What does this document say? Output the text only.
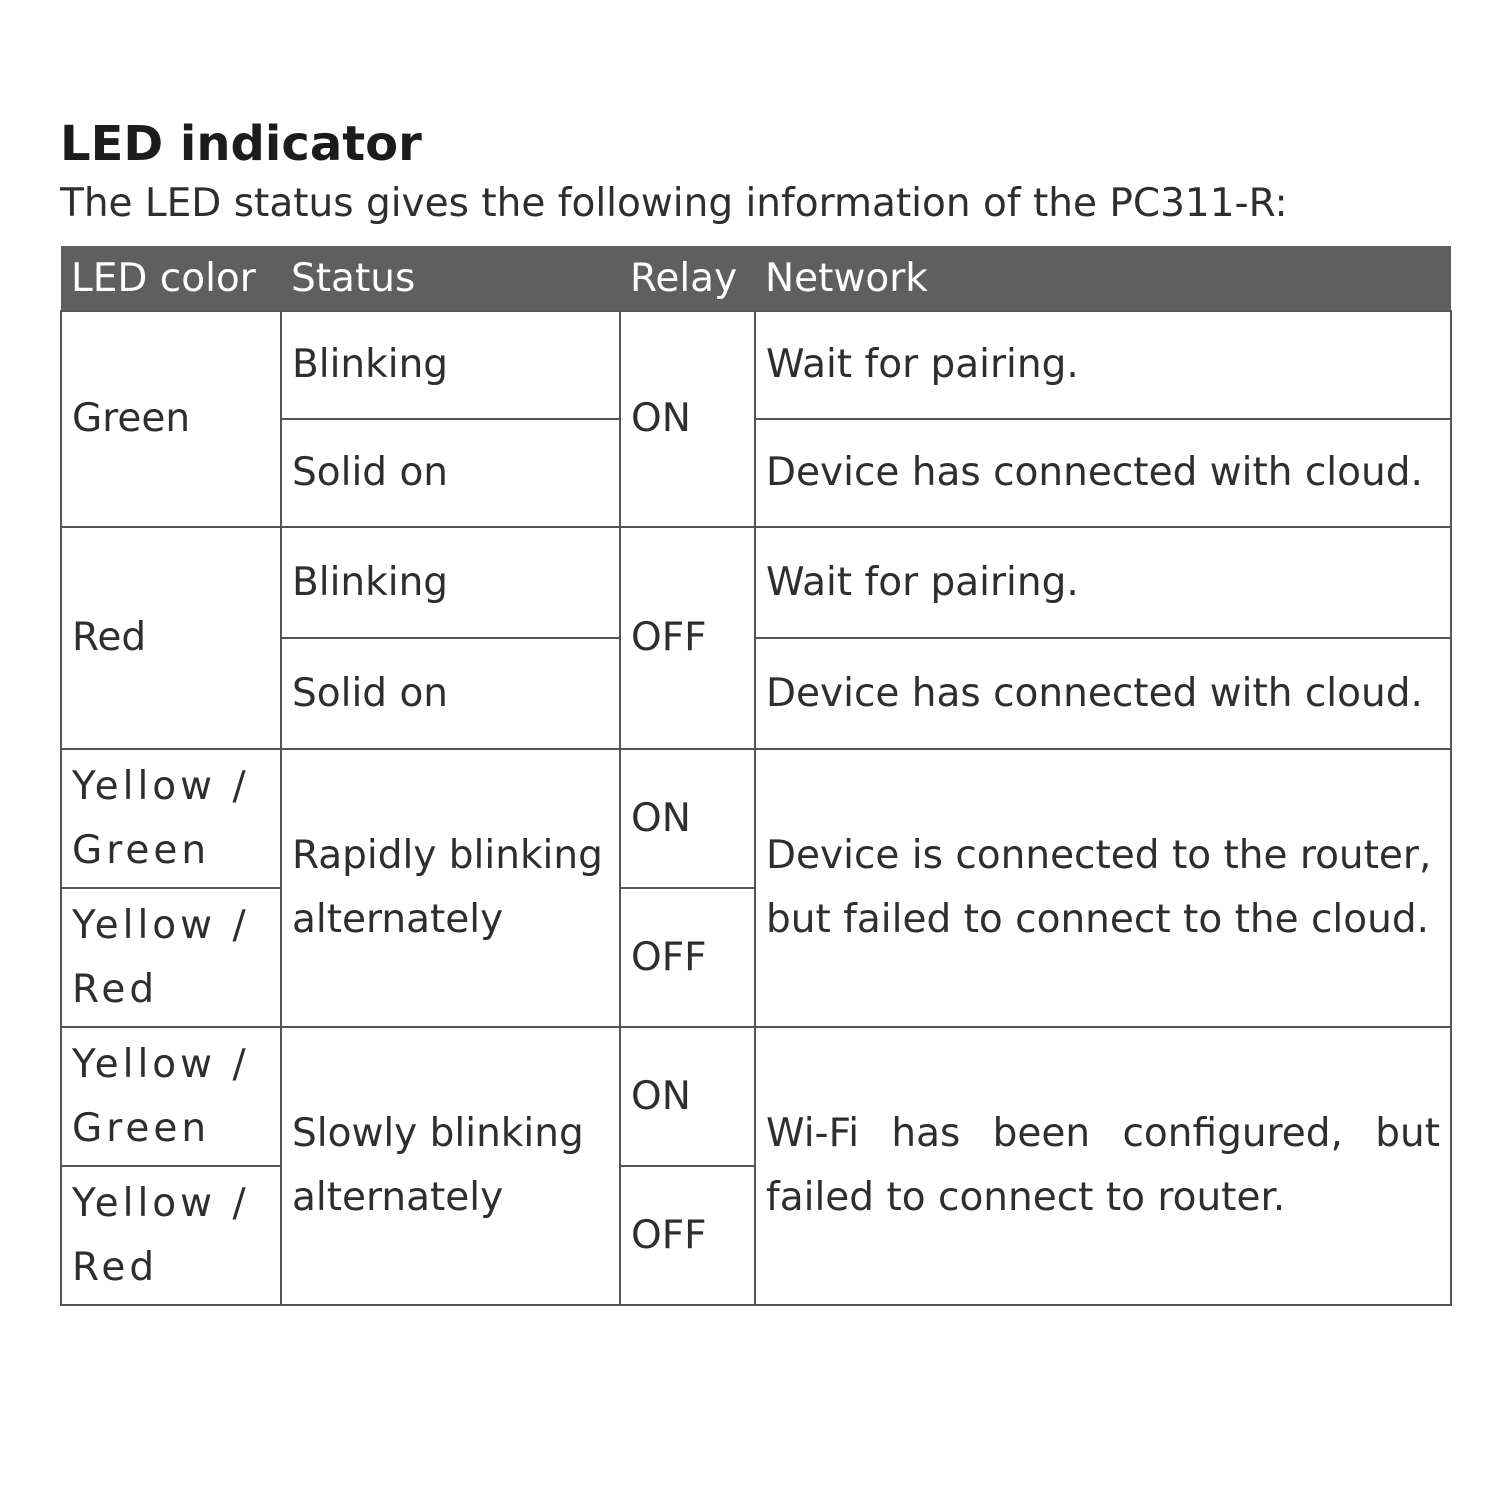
LED indicator
The LED status gives the following information of the PC311-R:
LED color	Status	Relay	Network

Green	Blinking	ON	Wait for pairing.
	Solid on		Device has connected with cloud.
Red	Blinking	OFF	Wait for pairing.
	Solid on		Device has connected with cloud.

Yellow / Green	Rapidly blinking alternately	ON	Device is connected to the router, but failed to connect to the cloud.

Yellow / Red		OFF	

Yellow / Green	Slowly blinking alternately	ON	Wi-Fi has been configured, but failed to connect to router.

Yellow / Red		OFF	
